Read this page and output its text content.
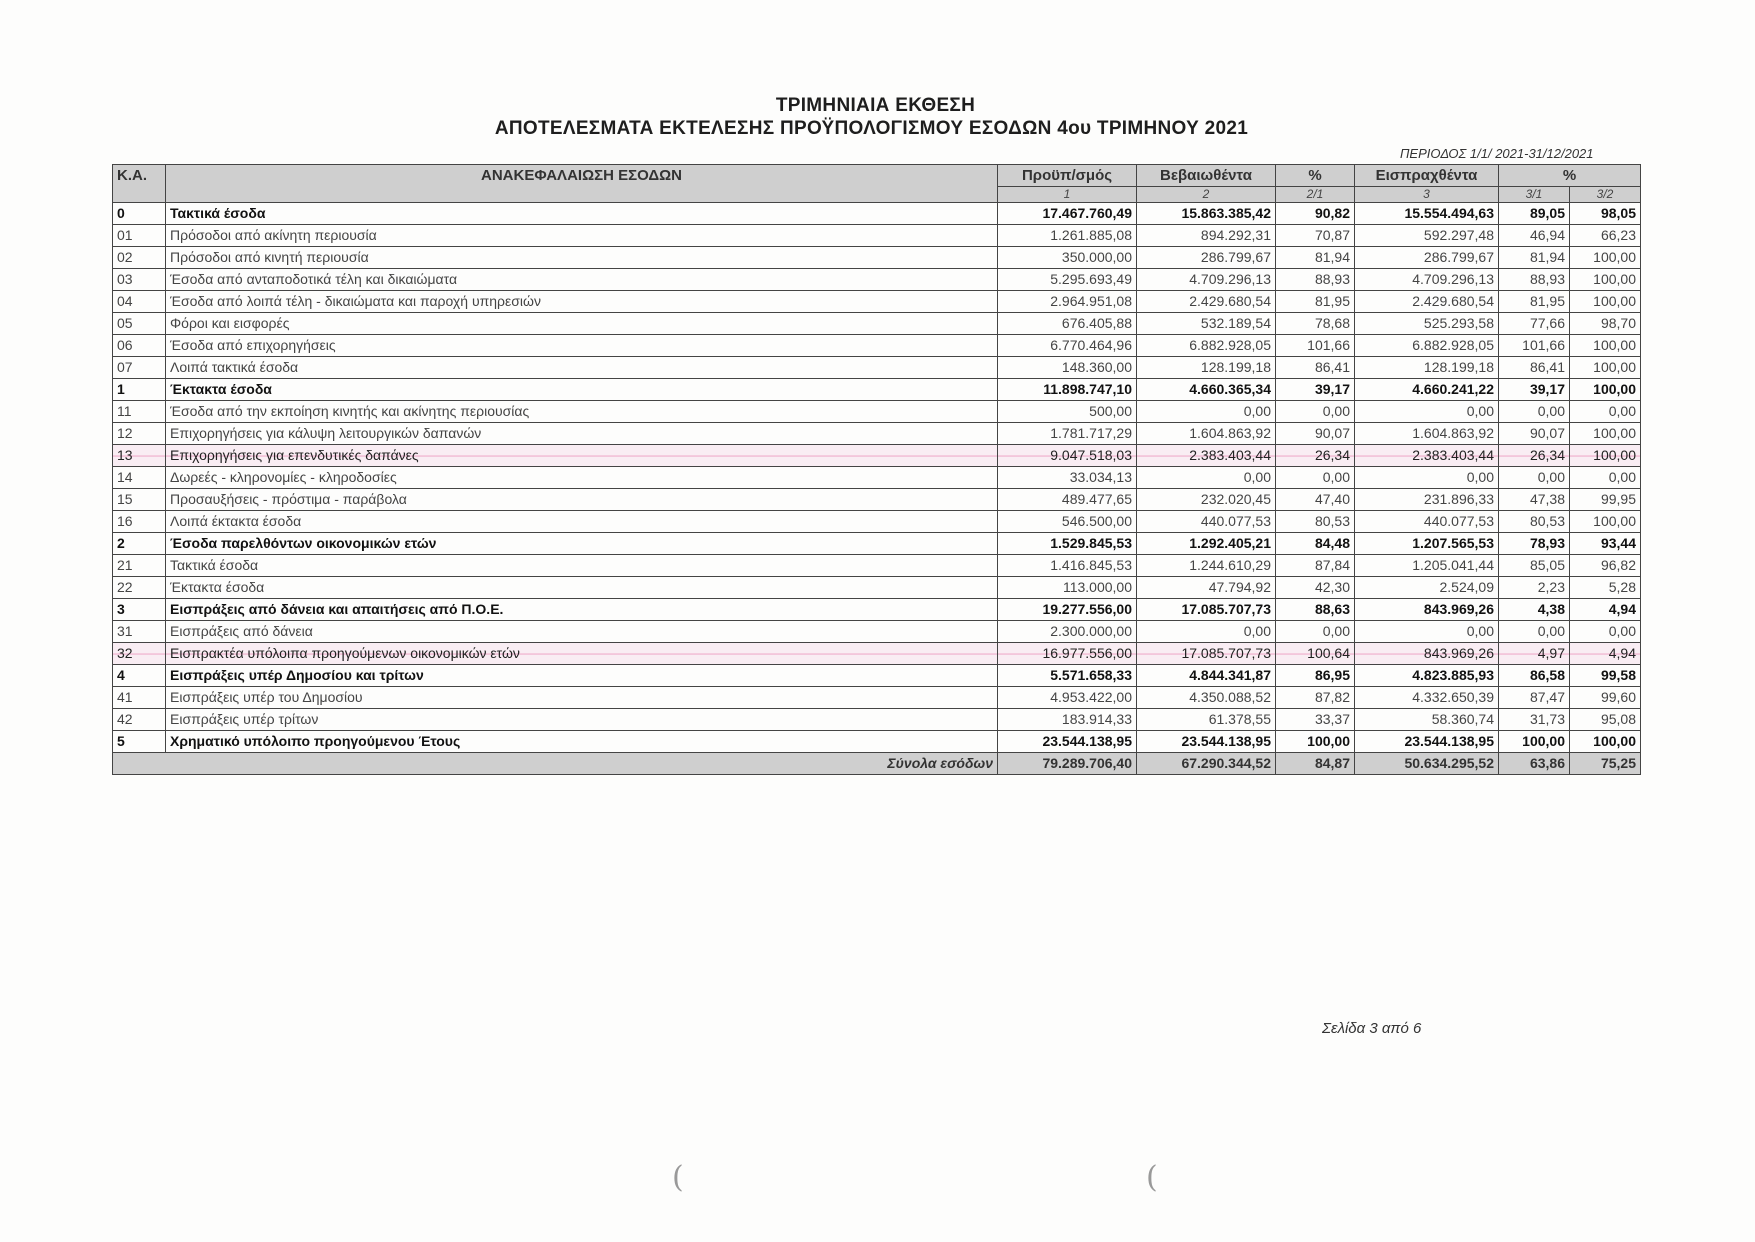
ΤΡΙΜΗΝΙΑΙΑ ΕΚΘΕΣΗ
ΑΠΟΤΕΛΕΣΜΑΤΑ ΕΚΤΕΛΕΣΗΣ ΠΡΟΫΠΟΛΟΓΙΣΜΟΥ ΕΣΟΔΩΝ 4ου ΤΡΙΜΗΝΟΥ 2021
ΠΕΡΙΟΔΟΣ 1/1/ 2021-31/12/2021
Κ.Α.	ΑΝΑΚΕΦΑΛΑΙΩΣΗ ΕΣΟΔΩΝ	Προϋπ/σμός	Βεβαιωθέντα	%	Εισπραχθέντα	%	
		1	2	2/1	3	3/1	3/2
0	Τακτικά έσοδα	17.467.760,49	15.863.385,42	90,82	15.554.494,63	89,05	98,05
01	Πρόσοδοι από ακίνητη περιουσία	1.261.885,08	894.292,31	70,87	592.297,48	46,94	66,23
02	Πρόσοδοι από κινητή περιουσία	350.000,00	286.799,67	81,94	286.799,67	81,94	100,00
03	Έσοδα από ανταποδοτικά τέλη και δικαιώματα	5.295.693,49	4.709.296,13	88,93	4.709.296,13	88,93	100,00
04	Έσοδα από λοιπά τέλη - δικαιώματα και παροχή υπηρεσιών	2.964.951,08	2.429.680,54	81,95	2.429.680,54	81,95	100,00
05	Φόροι και εισφορές	676.405,88	532.189,54	78,68	525.293,58	77,66	98,70
06	Έσοδα από επιχορηγήσεις	6.770.464,96	6.882.928,05	101,66	6.882.928,05	101,66	100,00
07	Λοιπά τακτικά έσοδα	148.360,00	128.199,18	86,41	128.199,18	86,41	100,00
1	Έκτακτα έσοδα	11.898.747,10	4.660.365,34	39,17	4.660.241,22	39,17	100,00
11	Έσοδα από την εκποίηση κινητής και ακίνητης περιουσίας	500,00	0,00	0,00	0,00	0,00	0,00
12	Επιχορηγήσεις για κάλυψη λειτουργικών δαπανών	1.781.717,29	1.604.863,92	90,07	1.604.863,92	90,07	100,00
13	Επιχορηγήσεις για επενδυτικές δαπάνες	9.047.518,03	2.383.403,44	26,34	2.383.403,44	26,34	100,00
14	Δωρεές - κληρονομίες - κληροδοσίες	33.034,13	0,00	0,00	0,00	0,00	0,00
15	Προσαυξήσεις - πρόστιμα - παράβολα	489.477,65	232.020,45	47,40	231.896,33	47,38	99,95
16	Λοιπά έκτακτα έσοδα	546.500,00	440.077,53	80,53	440.077,53	80,53	100,00
2	Έσοδα παρελθόντων οικονομικών ετών	1.529.845,53	1.292.405,21	84,48	1.207.565,53	78,93	93,44
21	Τακτικά έσοδα	1.416.845,53	1.244.610,29	87,84	1.205.041,44	85,05	96,82
22	Έκτακτα έσοδα	113.000,00	47.794,92	42,30	2.524,09	2,23	5,28
3	Εισπράξεις από δάνεια και απαιτήσεις από Π.Ο.Ε.	19.277.556,00	17.085.707,73	88,63	843.969,26	4,38	4,94
31	Εισπράξεις από δάνεια	2.300.000,00	0,00	0,00	0,00	0,00	0,00
32	Εισπρακτέα υπόλοιπα προηγούμενων οικονομικών ετών	16.977.556,00	17.085.707,73	100,64	843.969,26	4,97	4,94
4	Εισπράξεις υπέρ Δημοσίου και τρίτων	5.571.658,33	4.844.341,87	86,95	4.823.885,93	86,58	99,58
41	Εισπράξεις υπέρ του Δημοσίου	4.953.422,00	4.350.088,52	87,82	4.332.650,39	87,47	99,60
42	Εισπράξεις υπέρ τρίτων	183.914,33	61.378,55	33,37	58.360,74	31,73	95,08
5	Χρηματικό υπόλοιπο προηγούμενου Έτους	23.544.138,95	23.544.138,95	100,00	23.544.138,95	100,00	100,00
Σύνολα εσόδων		79.289.706,40	67.290.344,52	84,87	50.634.295,52	63,86	75,25
Σελίδα 3 από 6
(	(
